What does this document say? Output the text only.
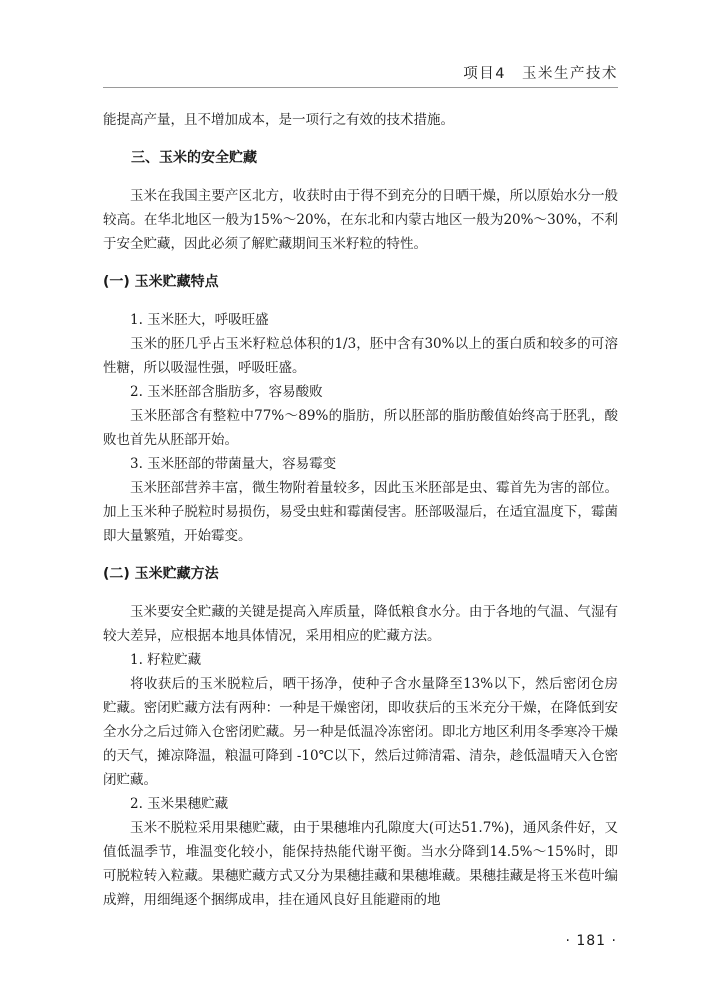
项目4　玉米生产技术

能提高产量，且不增加成本，是一项行之有效的技术措施。

三、玉米的安全贮藏

玉米在我国主要产区北方，收获时由于得不到充分的日晒干燥，所以原始水分一般较高。在华北地区一般为15%～20%，在东北和内蒙古地区一般为20%～30%，不利于安全贮藏，因此必须了解贮藏期间玉米籽粒的特性。

(一) 玉米贮藏特点

1. 玉米胚大，呼吸旺盛

玉米的胚几乎占玉米籽粒总体积的1/3，胚中含有30%以上的蛋白质和较多的可溶性糖，所以吸湿性强，呼吸旺盛。

2. 玉米胚部含脂肪多，容易酸败

玉米胚部含有整粒中77%～89%的脂肪，所以胚部的脂肪酸值始终高于胚乳，酸败也首先从胚部开始。

3. 玉米胚部的带菌量大，容易霉变

玉米胚部营养丰富，微生物附着量较多，因此玉米胚部是虫、霉首先为害的部位。加上玉米种子脱粒时易损伤，易受虫蛀和霉菌侵害。胚部吸湿后，在适宜温度下，霉菌即大量繁殖，开始霉变。

(二) 玉米贮藏方法

玉米要安全贮藏的关键是提高入库质量，降低粮食水分。由于各地的气温、气湿有较大差异，应根据本地具体情况，采用相应的贮藏方法。

1. 籽粒贮藏

将收获后的玉米脱粒后，晒干扬净，使种子含水量降至13%以下，然后密闭仓房贮藏。密闭贮藏方法有两种：一种是干燥密闭，即收获后的玉米充分干燥，在降低到安全水分之后过筛入仓密闭贮藏。另一种是低温冷冻密闭。即北方地区利用冬季寒冷干燥的天气，摊凉降温，粮温可降到 -10℃以下，然后过筛清霜、清杂，趁低温晴天入仓密闭贮藏。

2. 玉米果穗贮藏

玉米不脱粒采用果穗贮藏，由于果穗堆内孔隙度大(可达51.7%)，通风条件好，又值低温季节，堆温变化较小，能保持热能代谢平衡。当水分降到14.5%～15%时，即可脱粒转入粒藏。果穗贮藏方式又分为果穗挂藏和果穗堆藏。果穗挂藏是将玉米苞叶编成辫，用细绳逐个捆绑成串，挂在通风良好且能避雨的地

· 181 ·
